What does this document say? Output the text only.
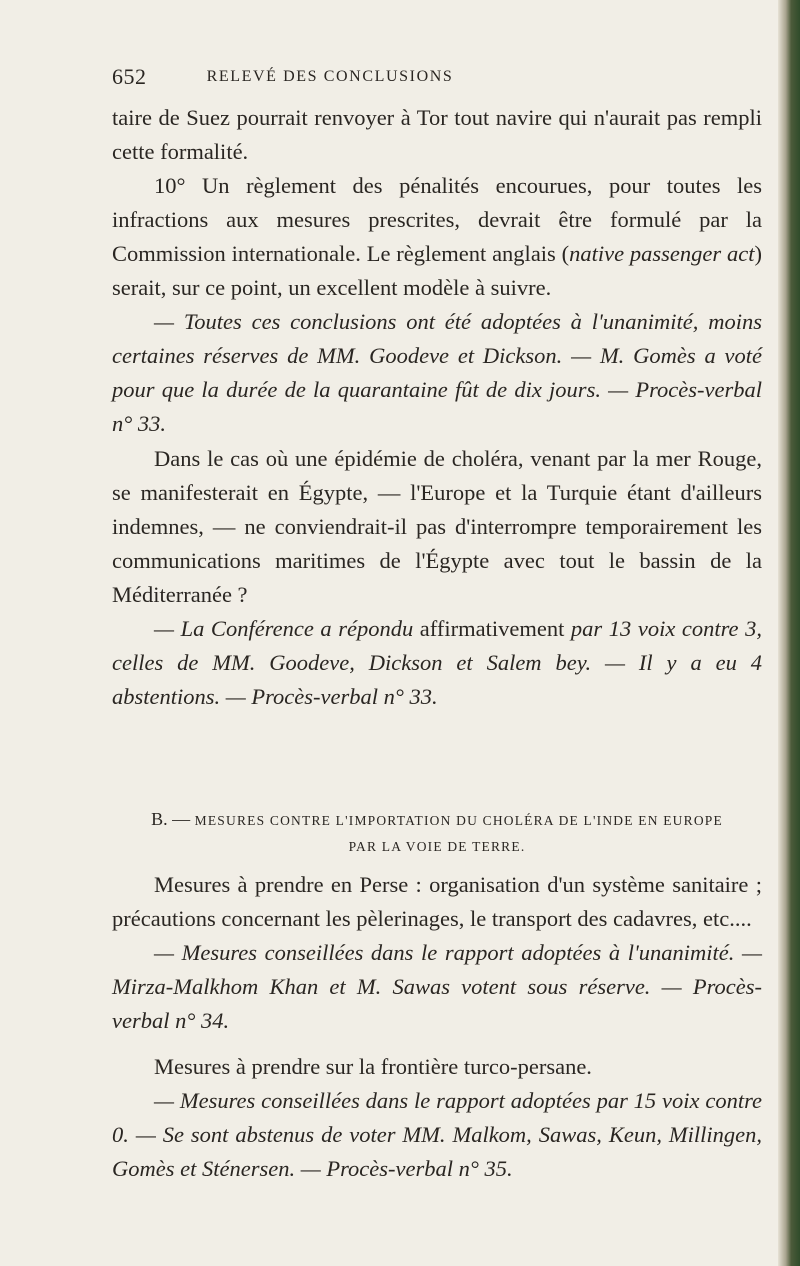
652	RELEVÉ DES CONCLUSIONS

taire de Suez pourrait renvoyer à Tor tout navire qui n'aurait pas rempli cette formalité.

10° Un règlement des pénalités encourues, pour toutes les infractions aux mesures prescrites, devrait être formulé par la Commission internationale. Le règlement anglais (native passenger act) serait, sur ce point, un excellent modèle à suivre.

— Toutes ces conclusions ont été adoptées à l'unanimité, moins certaines réserves de MM. Goodeve et Dickson. — M. Gomès a voté pour que la durée de la quarantaine fût de dix jours. — Procès-verbal n° 33.

Dans le cas où une épidémie de choléra, venant par la mer Rouge, se manifesterait en Égypte, — l'Europe et la Turquie étant d'ailleurs indemnes, — ne conviendrait-il pas d'interrompre temporairement les communications maritimes de l'Égypte avec tout le bassin de la Méditerranée ?

— La Conférence a répondu affirmativement par 13 voix contre 3, celles de MM. Goodeve, Dickson et Salem bey. — Il y a eu 4 abstentions. — Procès-verbal n° 33.

B. — MESURES CONTRE L'IMPORTATION DU CHOLÉRA DE L'INDE EN EUROPE
PAR LA VOIE DE TERRE.

Mesures à prendre en Perse : organisation d'un système sanitaire ; précautions concernant les pèlerinages, le transport des cadavres, etc....

— Mesures conseillées dans le rapport adoptées à l'unanimité. — Mirza-Malkhom Khan et M. Sawas votent sous réserve. — Procès-verbal n° 34.

Mesures à prendre sur la frontière turco-persane.

— Mesures conseillées dans le rapport adoptées par 15 voix contre 0. — Se sont abstenus de voter MM. Malkom, Sawas, Keun, Millingen, Gomès et Sténersen. — Procès-verbal n° 35.
